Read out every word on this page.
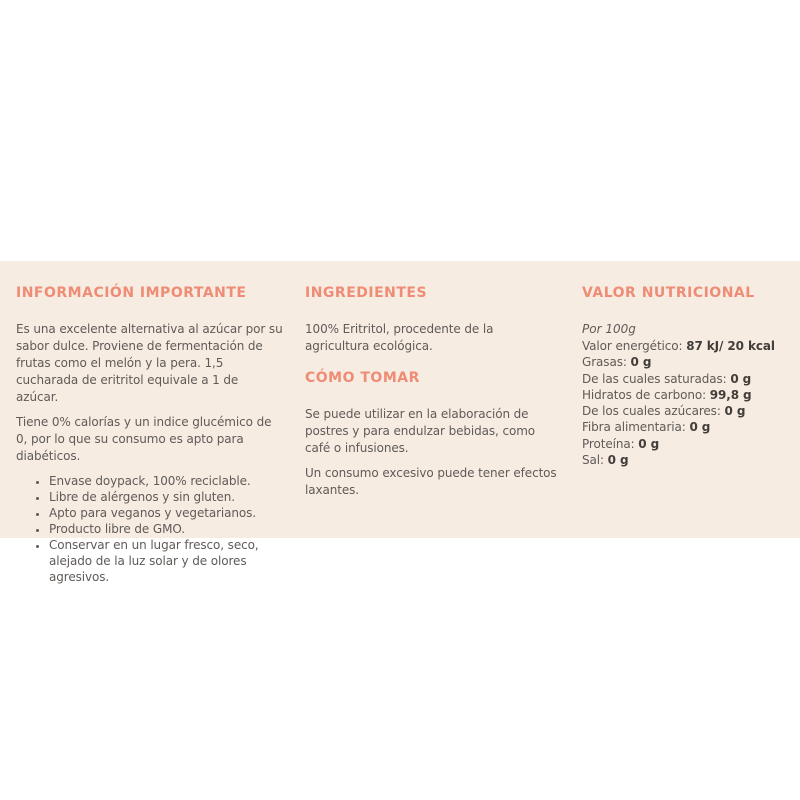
INFORMACIÓN IMPORTANTE

Es una excelente alternativa al azúcar por su sabor dulce. Proviene de fermentación de frutas como el melón y la pera. 1,5 cucharada de eritritol equivale a 1 de azúcar.

Tiene 0% calorías y un indice glucémico de 0, por lo que su consumo es apto para diabéticos.

• Envase doypack, 100% reciclable.
• Libre de alérgenos y sin gluten.
• Apto para veganos y vegetarianos.
• Producto libre de GMO.
• Conservar en un lugar fresco, seco, alejado de la luz solar y de olores agresivos.
INGREDIENTES

100% Eritritol, procedente de la agricultura ecológica.

CÓMO TOMAR

Se puede utilizar en la elaboración de postres y para endulzar bebidas, como café o infusiones.

Un consumo excesivo puede tener efectos laxantes.

VALOR NUTRICIONAL
Por 100g
Valor energético: 87 kJ/ 20 kcal
Grasas: 0 g
De las cuales saturadas: 0 g
Hidratos de carbono: 99,8 g
De los cuales azúcares: 0 g
Fibra alimentaria: 0 g
Proteína: 0 g
Sal: 0 g
